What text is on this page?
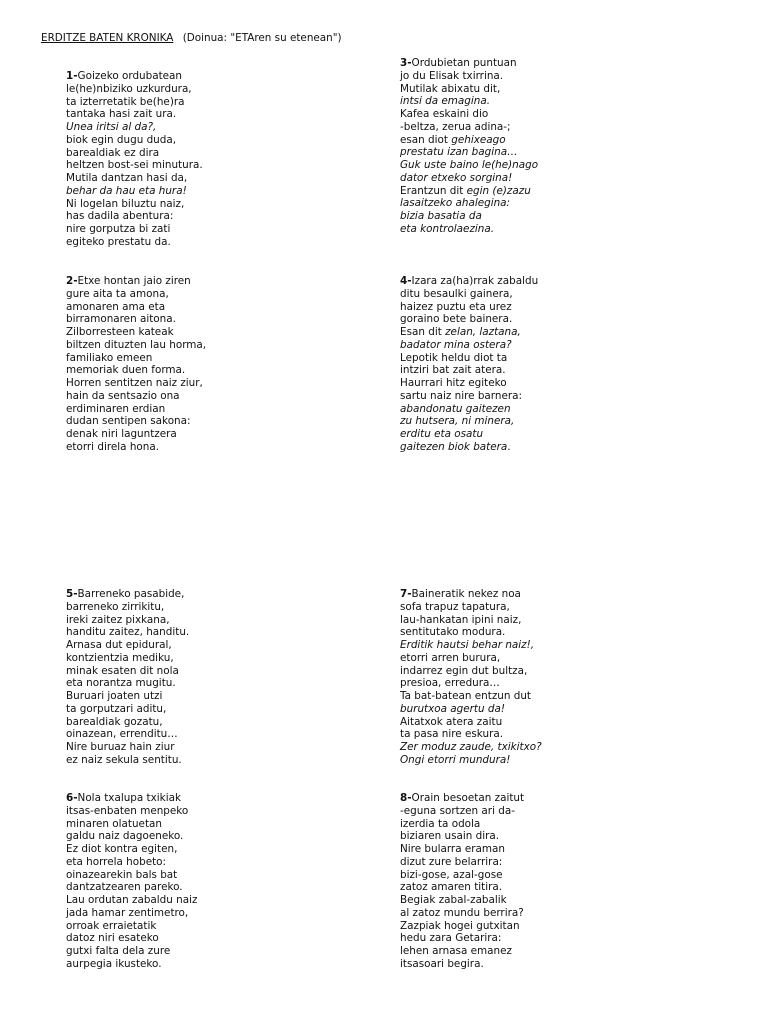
ERDITZE BATEN KRONIKA (Doinua: "ETAren su etenean")
1-Goizeko ordubatean
le(he)nbiziko uzkurdura,
ta izterretatik be(he)ra
tantaka hasi zait ura.
Unea iritsi al da?,
biok egin dugu duda,
barealdiak ez dira
heltzen bost-sei minutura.
Mutila dantzan hasi da,
behar da hau eta hura!
Ni logelan biluztu naiz,
has dadila abentura:
nire gorputza bi zati
egiteko prestatu da.
3-Ordubietan puntuan
jo du Elisak txirrina.
Mutilak abixatu dit,
intsi da emagina.
Kafea eskaini dio
-beltza, zerua adina-;
esan diot gehixeago
prestatu izan bagina…
Guk uste baino le(he)nago
dator etxeko sorgina!
Erantzun dit egin (e)zazu
lasaitzeko ahalegina:
bizia basatia da
eta kontrolaezina.
2-Etxe hontan jaio ziren
gure aita ta amona,
amonaren ama eta
birramonaren aitona.
Zilborresteen kateak
biltzen dituzten lau horma,
familiako emeen
memoriak duen forma.
Horren sentitzen naiz ziur,
hain da sentsazio ona
erdiminaren erdian
dudan sentipen sakona:
denak niri laguntzera
etorri direla hona.
4-Izara za(ha)rrak zabaldu
ditu besaulki gainera,
haizez puztu eta urez
goraino bete bainera.
Esan dit zelan, laztana,
badator mina ostera?
Lepotik heldu diot ta
intziri bat zait atera.
Haurrari hitz egiteko
sartu naiz nire barnera:
abandonatu gaitezen
zu hutsera, ni minera,
erditu eta osatu
gaitezen biok batera.
5-Barreneko pasabide,
barreneko zirrikitu,
ireki zaitez pixkana,
handitu zaitez, handitu.
Arnasa dut epidural,
kontzientzia mediku,
minak esaten dit nola
eta norantza mugitu.
Buruari joaten utzi
ta gorputzari aditu,
barealdiak gozatu,
oinazean, errenditu…
Nire buruaz hain ziur
ez naiz sekula sentitu.
7-Baineratik nekez noa
sofa trapuz tapatura,
lau-hankatan ipini naiz,
sentitutako modura.
Erditik hautsi behar naiz!,
etorri arren burura,
indarrez egin dut bultza,
presioa, erredura…
Ta bat-batean entzun dut
burutxoa agertu da!
Aitatxok atera zaitu
ta pasa nire eskura.
Zer moduz zaude, txikitxo?
Ongi etorri mundura!
6-Nola txalupa txikiak
itsas-enbaten menpeko
minaren olatuetan
galdu naiz dagoeneko.
Ez diot kontra egiten,
eta horrela hobeto:
oinazearekin bals bat
dantzatzearen pareko.
Lau ordutan zabaldu naiz
jada hamar zentimetro,
orroak erraietatik
datoz niri esateko
gutxi falta dela zure
aurpegia ikusteko.
8-Orain besoetan zaitut
-eguna sortzen ari da-
izerdia ta odola
biziaren usain dira.
Nire bularra eraman
dizut zure belarrira:
bizi-gose, azal-gose
zatoz amaren titira.
Begiak zabal-zabalik
al zatoz mundu berrira?
Zazpiak hogei gutxitan
hedu zara Getarira:
lehen arnasa emanez
itsasoari begira.
